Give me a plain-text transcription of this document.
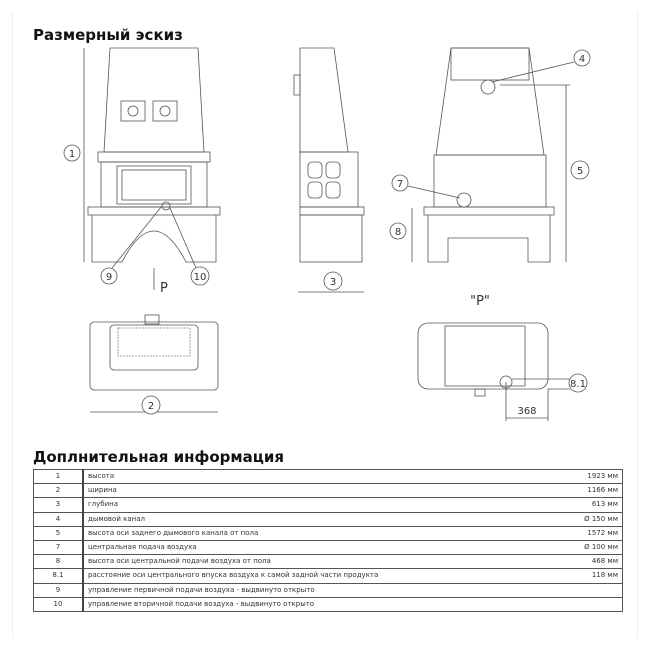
Размерный эскиз
1
9	10	3
4
5
7
8
2
8.1
P
"P"
368
Доплнительная информация
1	высота	1923 мм
2	ширина	1166 мм
3	глубина	613 мм
4	дымовой канал	Ø 150 мм
5	высота оси заднего дымового канала от пола	1572 мм
7	центральная подача воздуха	Ø 100 мм
8	высота оси центральной подачи воздуха от пола	468 мм
8.1	расстояние оси центрального впуска воздуха к самой задной части продукта	118 мм
9	управление первичной подачи воздуха - выдвинуто открыто	
10	управление вторичной подачи воздуха - выдвинуто открыто	
